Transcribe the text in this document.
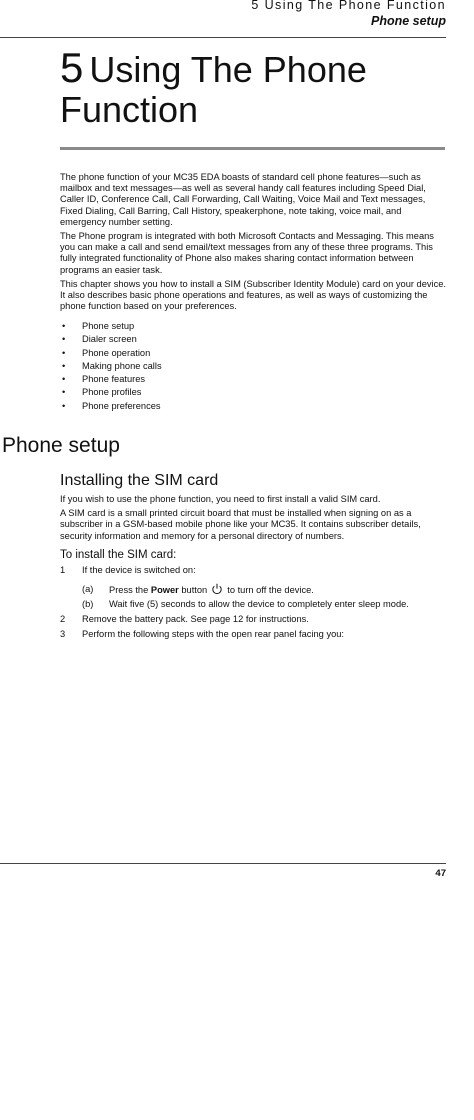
5 Using The Phone Function
Phone setup
5 Using The Phone Function

The phone function of your MC35 EDA boasts of standard cell phone features—such as mailbox and text messages—as well as several handy call features including Speed Dial, Caller ID, Conference Call, Call Forwarding, Call Waiting, Voice Mail and Text messages, Fixed Dialing, Call Barring, Call History, speakerphone, note taking, voice mail, and emergency number setting.

The Phone program is integrated with both Microsoft Contacts and Messaging. This means you can make a call and send email/text messages from any of these three programs. This fully integrated functionality of Phone also makes sharing contact information between programs an easier task.

This chapter shows you how to install a SIM (Subscriber Identity Module) card on your device. It also describes basic phone operations and features, as well as ways of customizing the phone function based on your preferences.

• Phone setup
• Dialer screen
• Phone operation
• Making phone calls
• Phone features
• Phone profiles
• Phone preferences
Phone setup
Installing the SIM card

If you wish to use the phone function, you need to first install a valid SIM card.

A SIM card is a small printed circuit board that must be installed when signing on as a subscriber in a GSM-based mobile phone like your MC35. It contains subscriber details, security information and memory for a personal directory of numbers.

To install the SIM card:
1 If the device is switched on:
(a) Press the Power button to turn off the device.
(b) Wait five (5) seconds to allow the device to completely enter sleep mode.
2 Remove the battery pack. See page 12 for instructions.
3 Perform the following steps with the open rear panel facing you:
47
